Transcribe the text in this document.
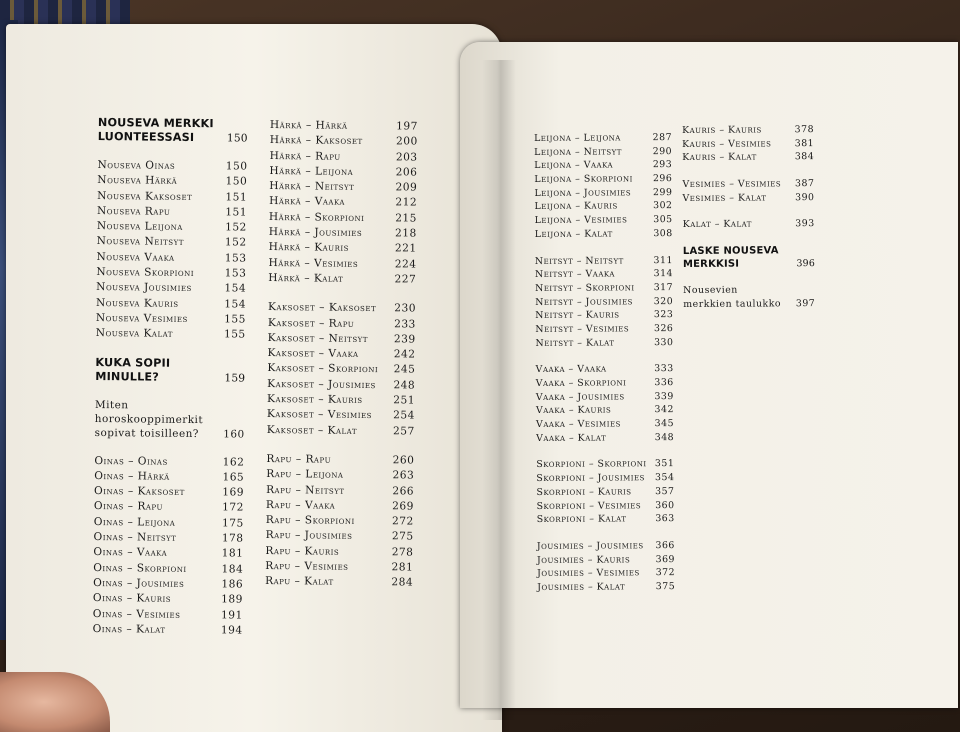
NOUSEVA MERKKI LUONTEESSASI	150
Nouseva Oinas	150
Nouseva Härkä	150
Nouseva Kaksoset	151
Nouseva Rapu	151
Nouseva Leijona	152
Nouseva Neitsyt	152
Nouseva Vaaka	153
Nouseva Skorpioni	153
Nouseva Jousimies	154
Nouseva Kauris	154
Nouseva Vesimies	155
Nouseva Kalat	155
KUKA SOPII MINULLE?	159
Miten horoskooppimerkit sopivat toisilleen?	160
Oinas – Oinas	162
Oinas – Härkä	165
Oinas – Kaksoset	169
Oinas – Rapu	172
Oinas – Leijona	175
Oinas – Neitsyt	178
Oinas – Vaaka	181
Oinas – Skorpioni	184
Oinas – Jousimies	186
Oinas – Kauris	189
Oinas – Vesimies	191
Oinas – Kalat	194
Härkä – Härkä	197
Härkä – Kaksoset	200
Härkä – Rapu	203
Härkä – Leijona	206
Härkä – Neitsyt	209
Härkä – Vaaka	212
Härkä – Skorpioni	215
Härkä – Jousimies	218
Härkä – Kauris	221
Härkä – Vesimies	224
Härkä – Kalat	227
Kaksoset – Kaksoset 230
Kaksoset – Rapu	233
Kaksoset – Neitsyt 239
Kaksoset – Vaaka	242
Kaksoset – Skorpioni 245
Kaksoset – Jousimies 248
Kaksoset – Kauris	251
Kaksoset – Vesimies 254
Kaksoset – Kalat	257
Rapu – Rapu	260
Rapu – Leijona	263
Rapu – Neitsyt	266
Rapu – Vaaka	269
Rapu – Skorpioni	272
Rapu – Jousimies	275
Rapu – Kauris	278
Rapu – Vesimies	281
Rapu – Kalat	284
Leijona – Leijona	287
Leijona – Neitsyt	290
Leijona – Vaaka	293
Leijona – Skorpioni 296
Leijona – Jousimies 299
Leijona – Kauris	302
Leijona – Vesimies	305
Leijona – Kalat	308
Neitsyt – Neitsyt	311
Neitsyt – Vaaka	314
Neitsyt – Skorpioni 317
Neitsyt – Jousimies 320
Neitsyt – Kauris	323
Neitsyt – Vesimies	326
Neitsyt – Kalat	330
Vaaka – Vaaka	333
Vaaka – Skorpioni	336
Vaaka – Jousimies	339
Vaaka – Kauris	342
Vaaka – Vesimies	345
Vaaka – Kalat	348
Skorpioni – Skorpioni 351
Skorpioni – Jousimies 354
Skorpioni – Kauris	357
Skorpioni – Vesimies 360
Skorpioni – Kalat	363
Jousimies – Jousimies 366
Jousimies – Kauris	369
Jousimies – Vesimies 372
Jousimies – Kalat	375
Kauris – Kauris	378
Kauris – Vesimies 381
Kauris – Kalat	384
Vesimies – Vesimies 387
Vesimies – Kalat	390
Kalat – Kalat	393
LASKE NOUSEVA MERKKISI	396
Nousevien merkkien taulukko	397
